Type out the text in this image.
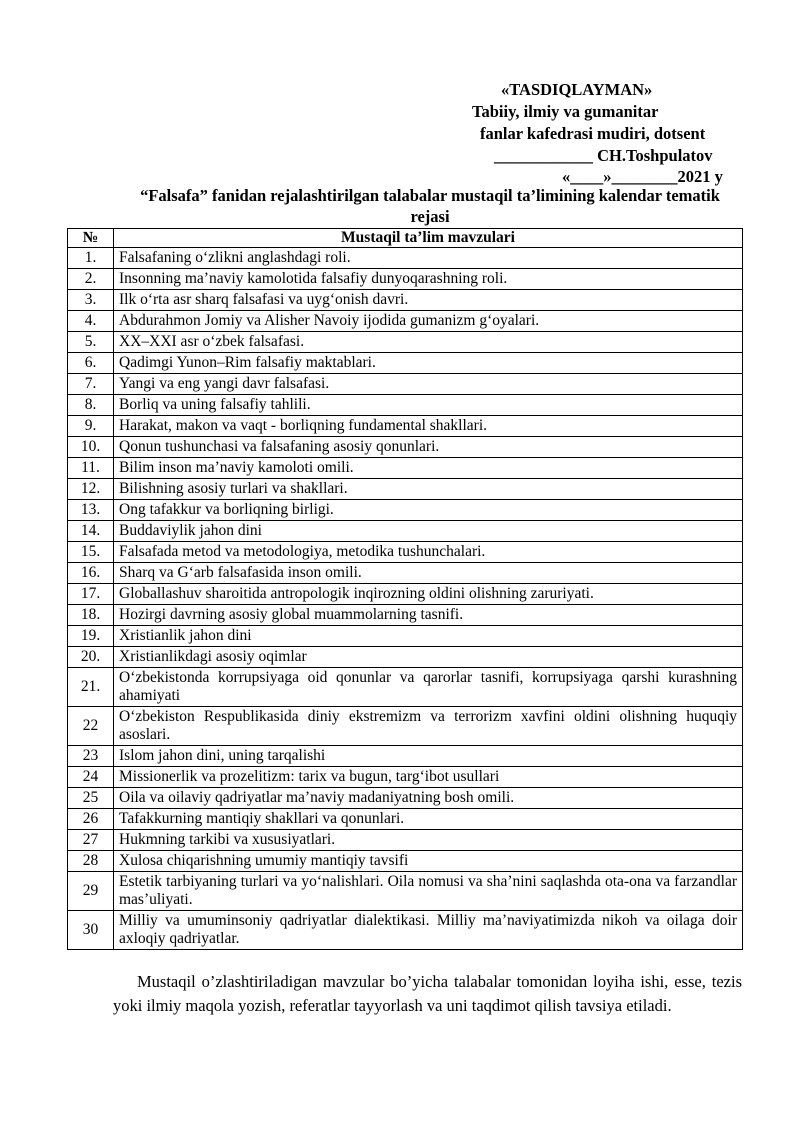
«TASDIQLAYMAN»
Tabiiy, ilmiy va gumanitar
fanlar kafedrasi mudiri, dotsent
____________ CH.Toshpulatov
«____»________2021 y
“Falsafa” fanidan rejalashtirilgan talabalar mustaqil ta’limining kalendar tematik rejasi
№	Mustaqil ta’lim mavzulari
1.	Falsafaning o‘zlikni anglashdagi roli.
2.	Insonning ma’naviy kamolotida falsafiy dunyoqarashning roli.
3.	Ilk o‘rta asr sharq falsafasi va uyg‘onish davri.
4.	Abdurahmon Jomiy va Alisher Navoiy ijodida gumanizm g‘oyalari.
5.	XX–XXI asr o‘zbek falsafasi.
6.	Qadimgi Yunon–Rim falsafiy maktablari.
7.	Yangi va eng yangi davr falsafasi.
8.	Borliq va uning falsafiy tahlili.
9.	Harakat, makon va vaqt - borliqning fundamental shakllari.
10.	Qonun tushunchasi va falsafaning asosiy qonunlari.
11.	Bilim inson ma’naviy kamoloti omili.
12.	Bilishning asosiy turlari va shakllari.
13.	Ong tafakkur va borliqning birligi.
14.	Buddaviylik jahon dini
15.	Falsafada metod va metodologiya, metodika tushunchalari.
16.	Sharq va G‘arb falsafasida inson omili.
17.	Globallashuv sharoitida antropologik inqirozning oldini olishning zaruriyati.
18.	Hozirgi davrning asosiy global muammolarning tasnifi.
19.	Xristianlik jahon dini
20.	Xristianlikdagi asosiy oqimlar
21.	O‘zbekistonda korrupsiyaga oid qonunlar va qarorlar tasnifi, korrupsiyaga qarshi kurashning ahamiyati
22	O‘zbekiston Respublikasida diniy ekstremizm va terrorizm xavfini oldini olishning huquqiy asoslari.
23	Islom jahon dini, uning tarqalishi
24	Missionerlik va prozelitizm: tarix va bugun, targ‘ibot usullari
25	Oila va oilaviy qadriyatlar ma’naviy madaniyatning bosh omili.
26	Tafakkurning mantiqiy shakllari va qonunlari.
27	Hukmning tarkibi va xususiyatlari.
28	Xulosa chiqarishning umumiy mantiqiy tavsifi
29	Estetik tarbiyaning turlari va yo‘nalishlari. Oila nomusi va sha’nini saqlashda ota-ona va farzandlar mas’uliyati.
30	Milliy va umuminsoniy qadriyatlar dialektikasi. Milliy ma’naviyatimizda nikoh va oilaga doir axloqiy qadriyatlar.
Mustaqil o’zlashtiriladigan mavzular bo’yicha talabalar tomonidan loyiha ishi, esse, tezis yoki ilmiy maqola yozish, referatlar tayyorlash va uni taqdimot qilish tavsiya etiladi.
